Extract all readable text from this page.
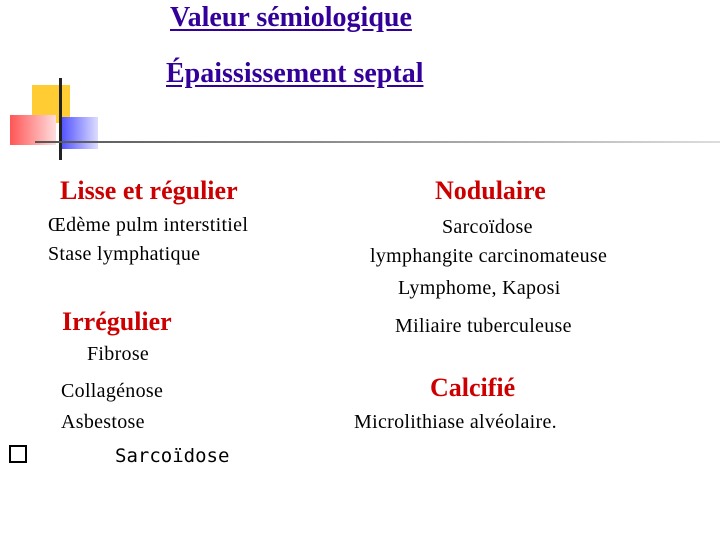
Valeur sémiologique
Épaississement septal
Lisse et régulier
Œdème pulm interstitiel
Stase lymphatique
Irrégulier
Fibrose
Collagénose
Asbestose
Sarcoïdose
Nodulaire
Sarcoïdose
lymphangite carcinomateuse
Lymphome, Kaposi
Miliaire tuberculeuse
Calcifié
Microlithiase alvéolaire.
